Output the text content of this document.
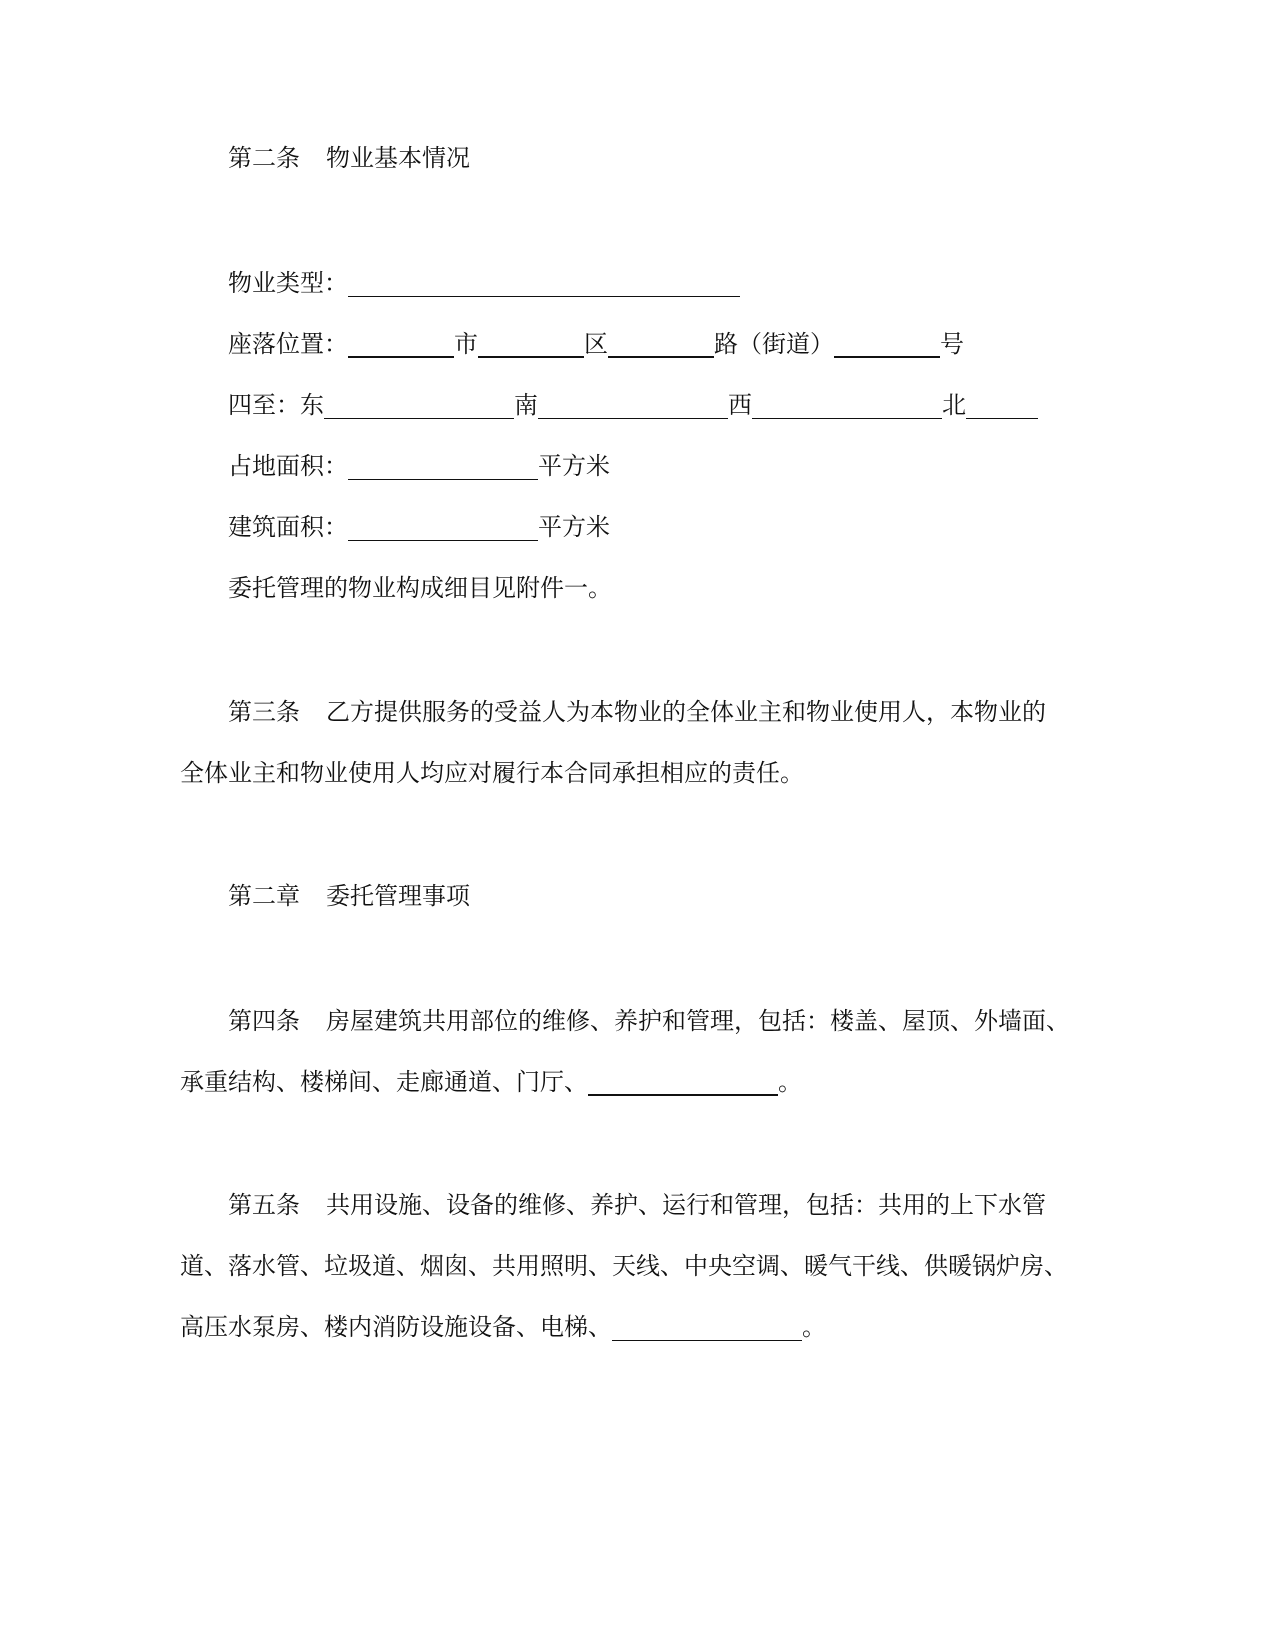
第二条 物业基本情况
物业类型：
座落位置：	市	区	路（街道）	号
四至：东	南	西	北
占地面积：	平方米
建筑面积：	平方米
委托管理的物业构成细目见附件一。
第三条 乙方提供服务的受益人为本物业的全体业主和物业使用人，本物业的
全体业主和物业使用人均应对履行本合同承担相应的责任。
第二章 委托管理事项
第四条 房屋建筑共用部位的维修、养护和管理，包括：楼盖、屋顶、外墙面、
承重结构、楼梯间、走廊通道、门厅、	。
第五条 共用设施、设备的维修、养护、运行和管理，包括：共用的上下水管
道、落水管、垃圾道、烟囱、共用照明、天线、中央空调、暖气干线、供暖锅炉房、
高压水泵房、楼内消防设施设备、电梯、	。
